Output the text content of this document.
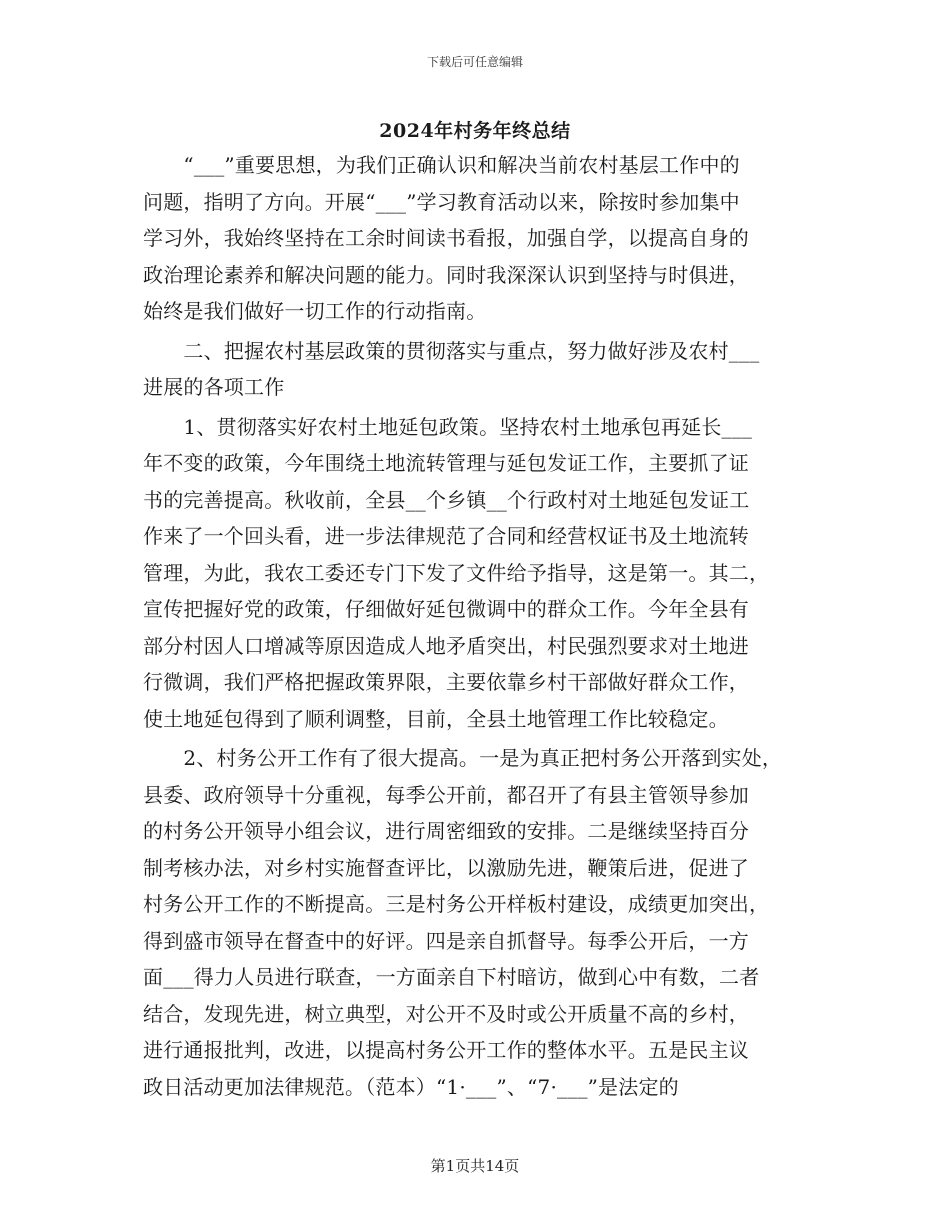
下载后可任意编辑
2024年村务年终总结
　　“___”重要思想，为我们正确认识和解决当前农村基层工作中的
问题，指明了方向。开展“___”学习教育活动以来，除按时参加集中
学习外，我始终坚持在工余时间读书看报，加强自学，以提高自身的
政治理论素养和解决问题的能力。同时我深深认识到坚持与时俱进，
始终是我们做好一切工作的行动指南。
　　二、把握农村基层政策的贯彻落实与重点，努力做好涉及农村___
进展的各项工作
　　1、贯彻落实好农村土地延包政策。坚持农村土地承包再延长___
年不变的政策，今年围绕土地流转管理与延包发证工作，主要抓了证
书的完善提高。秋收前，全县__个乡镇__个行政村对土地延包发证工
作来了一个回头看，进一步法律规范了合同和经营权证书及土地流转
管理，为此，我农工委还专门下发了文件给予指导，这是第一。其二，
宣传把握好党的政策，仔细做好延包微调中的群众工作。今年全县有
部分村因人口增减等原因造成人地矛盾突出，村民强烈要求对土地进
行微调，我们严格把握政策界限，主要依靠乡村干部做好群众工作，
使土地延包得到了顺利调整，目前，全县土地管理工作比较稳定。
　　2、村务公开工作有了很大提高。一是为真正把村务公开落到实处，
县委、政府领导十分重视，每季公开前，都召开了有县主管领导参加
的村务公开领导小组会议，进行周密细致的安排。二是继续坚持百分
制考核办法，对乡村实施督查评比，以激励先进，鞭策后进，促进了
村务公开工作的不断提高。三是村务公开样板村建设，成绩更加突出，
得到盛市领导在督查中的好评。四是亲自抓督导。每季公开后，一方
面___得力人员进行联查，一方面亲自下村暗访，做到心中有数，二者
结合，发现先进，树立典型，对公开不及时或公开质量不高的乡村，
进行通报批判，改进，以提高村务公开工作的整体水平。五是民主议
政日活动更加法律规范。（范本）“1·___”、“7·___”是法定的
第1页共14页
